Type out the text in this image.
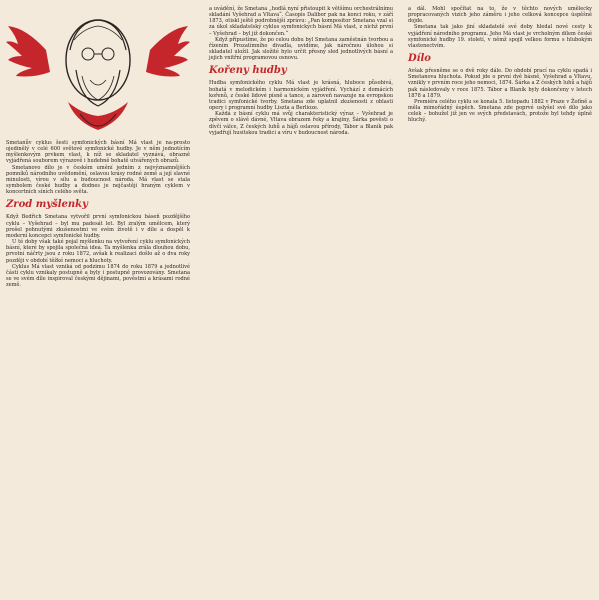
Smetanův cyklus šesti symfonických básní Má vlast je na-prosto ojedinělý v celé 600 světové symfonické hudby. Je v něm jednotícím myšlenkovým prvkem vlast, k níž se skladatel vyznává, obrazně vyjádřená souborem výrazově i hudebně bohatě utvářených obrazů.

Smetanovo dílo je v českém umění jedním z nejvýznamnějších pomníků národního uvědomění, oslavou krásy rodné země a její slavné minulosti, vírou v sílu a budoucnost národa. Má vlast se stala symbolem české hudby a dodnes je nejčastěji hraným cyklem v koncertních síních celého světa.

Zrod myšlenky

Když Bedřich Smetana vytvořil první symfonickou báseň pozdějšího cyklu – Vyšehrad – byl mu padesát let. Byl zralým umělcem, který prošel pohnutými zkušenostmi ve svém životě i v díle a dospěl k moderní koncepci symfonické hudby.

U té doby však také pojal myšlenku na vytvoření cyklu symfonických básní, které by spojila společná idea. Ta myšlenka zrála dlouhou dobu, prvotní náčrty jsou z roku 1872, avšak k realizaci došlo až o dva roky později v období těžké nemoci a hluchoty.

Cyklus Má vlast vzniká od podzimu 1874 do roku 1879 a jednotlivé části cyklu vznikaly postupně a byly i postupně provozovány. Smetana se ve svém díle inspiroval českými dějinami, pověstmi a krásami rodné země.

a uvádění, že Smetana „hodlá nyní přistoupit k většímu orchestrálnímu skladání Vyšehrad a Vltava“. Časopis Dalibor pak na konci roku, v září 1873, otiskl ještě podrobnější zprávu: „Pan kompositor Smetana vzal si za úkol skladatelský cyklus symfonických básní Má vlast, z nichž první – Vyšehrad – byl již dokončen.“

Když připustíme, že po celou dobu byl Smetana zaměstnán tvorbou a řízením Prozatímního divadla, uvidíme, jak náročnou úlohou si skladatel uložil. Jak složité bylo určit přesný sled jednotlivých básní a jejich vnitřní programovou osnovu.

Kořeny hudby

Hudba symfonického cyklu Má vlast je krásná, hluboce působivá, bohatá v melodickém i harmonickém vyjádření. Vychází z domácích kořenů, z české lidové písně a tance, a zároveň navazuje na evropskou tradici symfonické tvorby. Smetana zde uplatnil zkušenosti z oblasti opery i programní hudby Liszta a Berlioze.

Každá z básní cyklu má svůj charakteristický výraz – Vyšehrad je zpěvem o slávě dávné, Vltava obrazem řeky a krajiny, Šárka pověstí o dívčí válce, Z českých luhů a hájů oslavou přírody, Tábor a Blaník pak vyjadřují husitskou tradici a víru v budoucnost národa.

a dál. Mohl spočítat na to, že v těchto nových umělecky propracovaných vizích jeho záměru i jeho celková koncepce úspěšně dojde.

Smetana tak jako jiní skladatelé své doby hledal nové cesty k vyjádření národního programu. Jeho Má vlast je vrcholným dílem české symfonické hudby 19. století, v němž spojil velkou formu s hlubokým vlastenectvím.

Dílo

Avšak přesněme se o dvě roky dále. Do období prací na cyklu spadá i Smetanova hluchota. Pokud jde o první dvě básně, Vyšehrad a Vltavu, vznikly v prvním roce jeho nemoci, 1874. Šárka a Z českých luhů a hájů pak následovaly v roce 1875. Tábor a Blaník byly dokončeny v letech 1878 a 1879.

Premiéra celého cyklu se konala 5. listopadu 1882 v Praze v Žofíně a měla mimořádný úspěch. Smetana zde poprvé uslyšel své dílo jako celek – bohužel již jen ve svých představách, protože byl tehdy úplně hluchý.
